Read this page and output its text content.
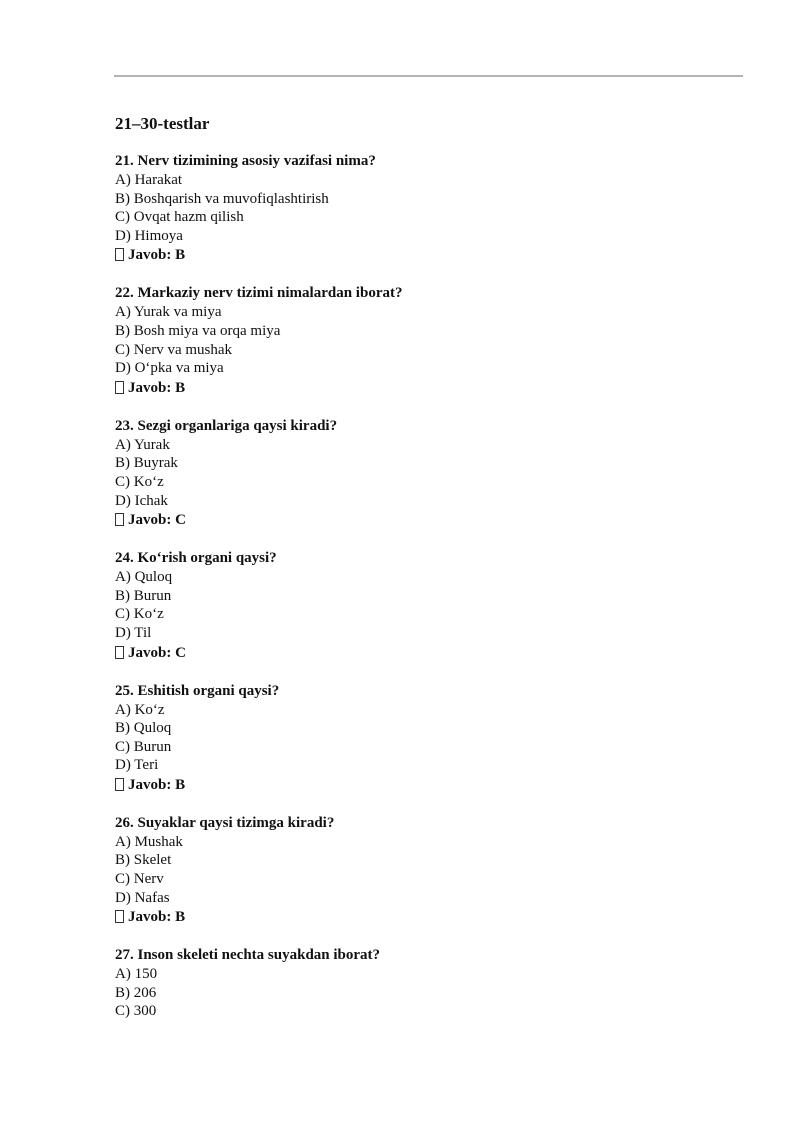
21–30-testlar
21. Nerv tizimining asosiy vazifasi nima?
A) Harakat
B) Boshqarish va muvofiqlashtirish
C) Ovqat hazm qilish
D) Himoya
Javob: B
22. Markaziy nerv tizimi nimalardan iborat?
A) Yurak va miya
B) Bosh miya va orqa miya
C) Nerv va mushak
D) O‘pka va miya
Javob: B
23. Sezgi organlariga qaysi kiradi?
A) Yurak
B) Buyrak
C) Ko‘z
D) Ichak
Javob: C
24. Ko‘rish organi qaysi?
A) Quloq
B) Burun
C) Ko‘z
D) Til
Javob: C
25. Eshitish organi qaysi?
A) Ko‘z
B) Quloq
C) Burun
D) Teri
Javob: B
26. Suyaklar qaysi tizimga kiradi?
A) Mushak
B) Skelet
C) Nerv
D) Nafas
Javob: B
27. Inson skeleti nechta suyakdan iborat?
A) 150
B) 206
C) 300
